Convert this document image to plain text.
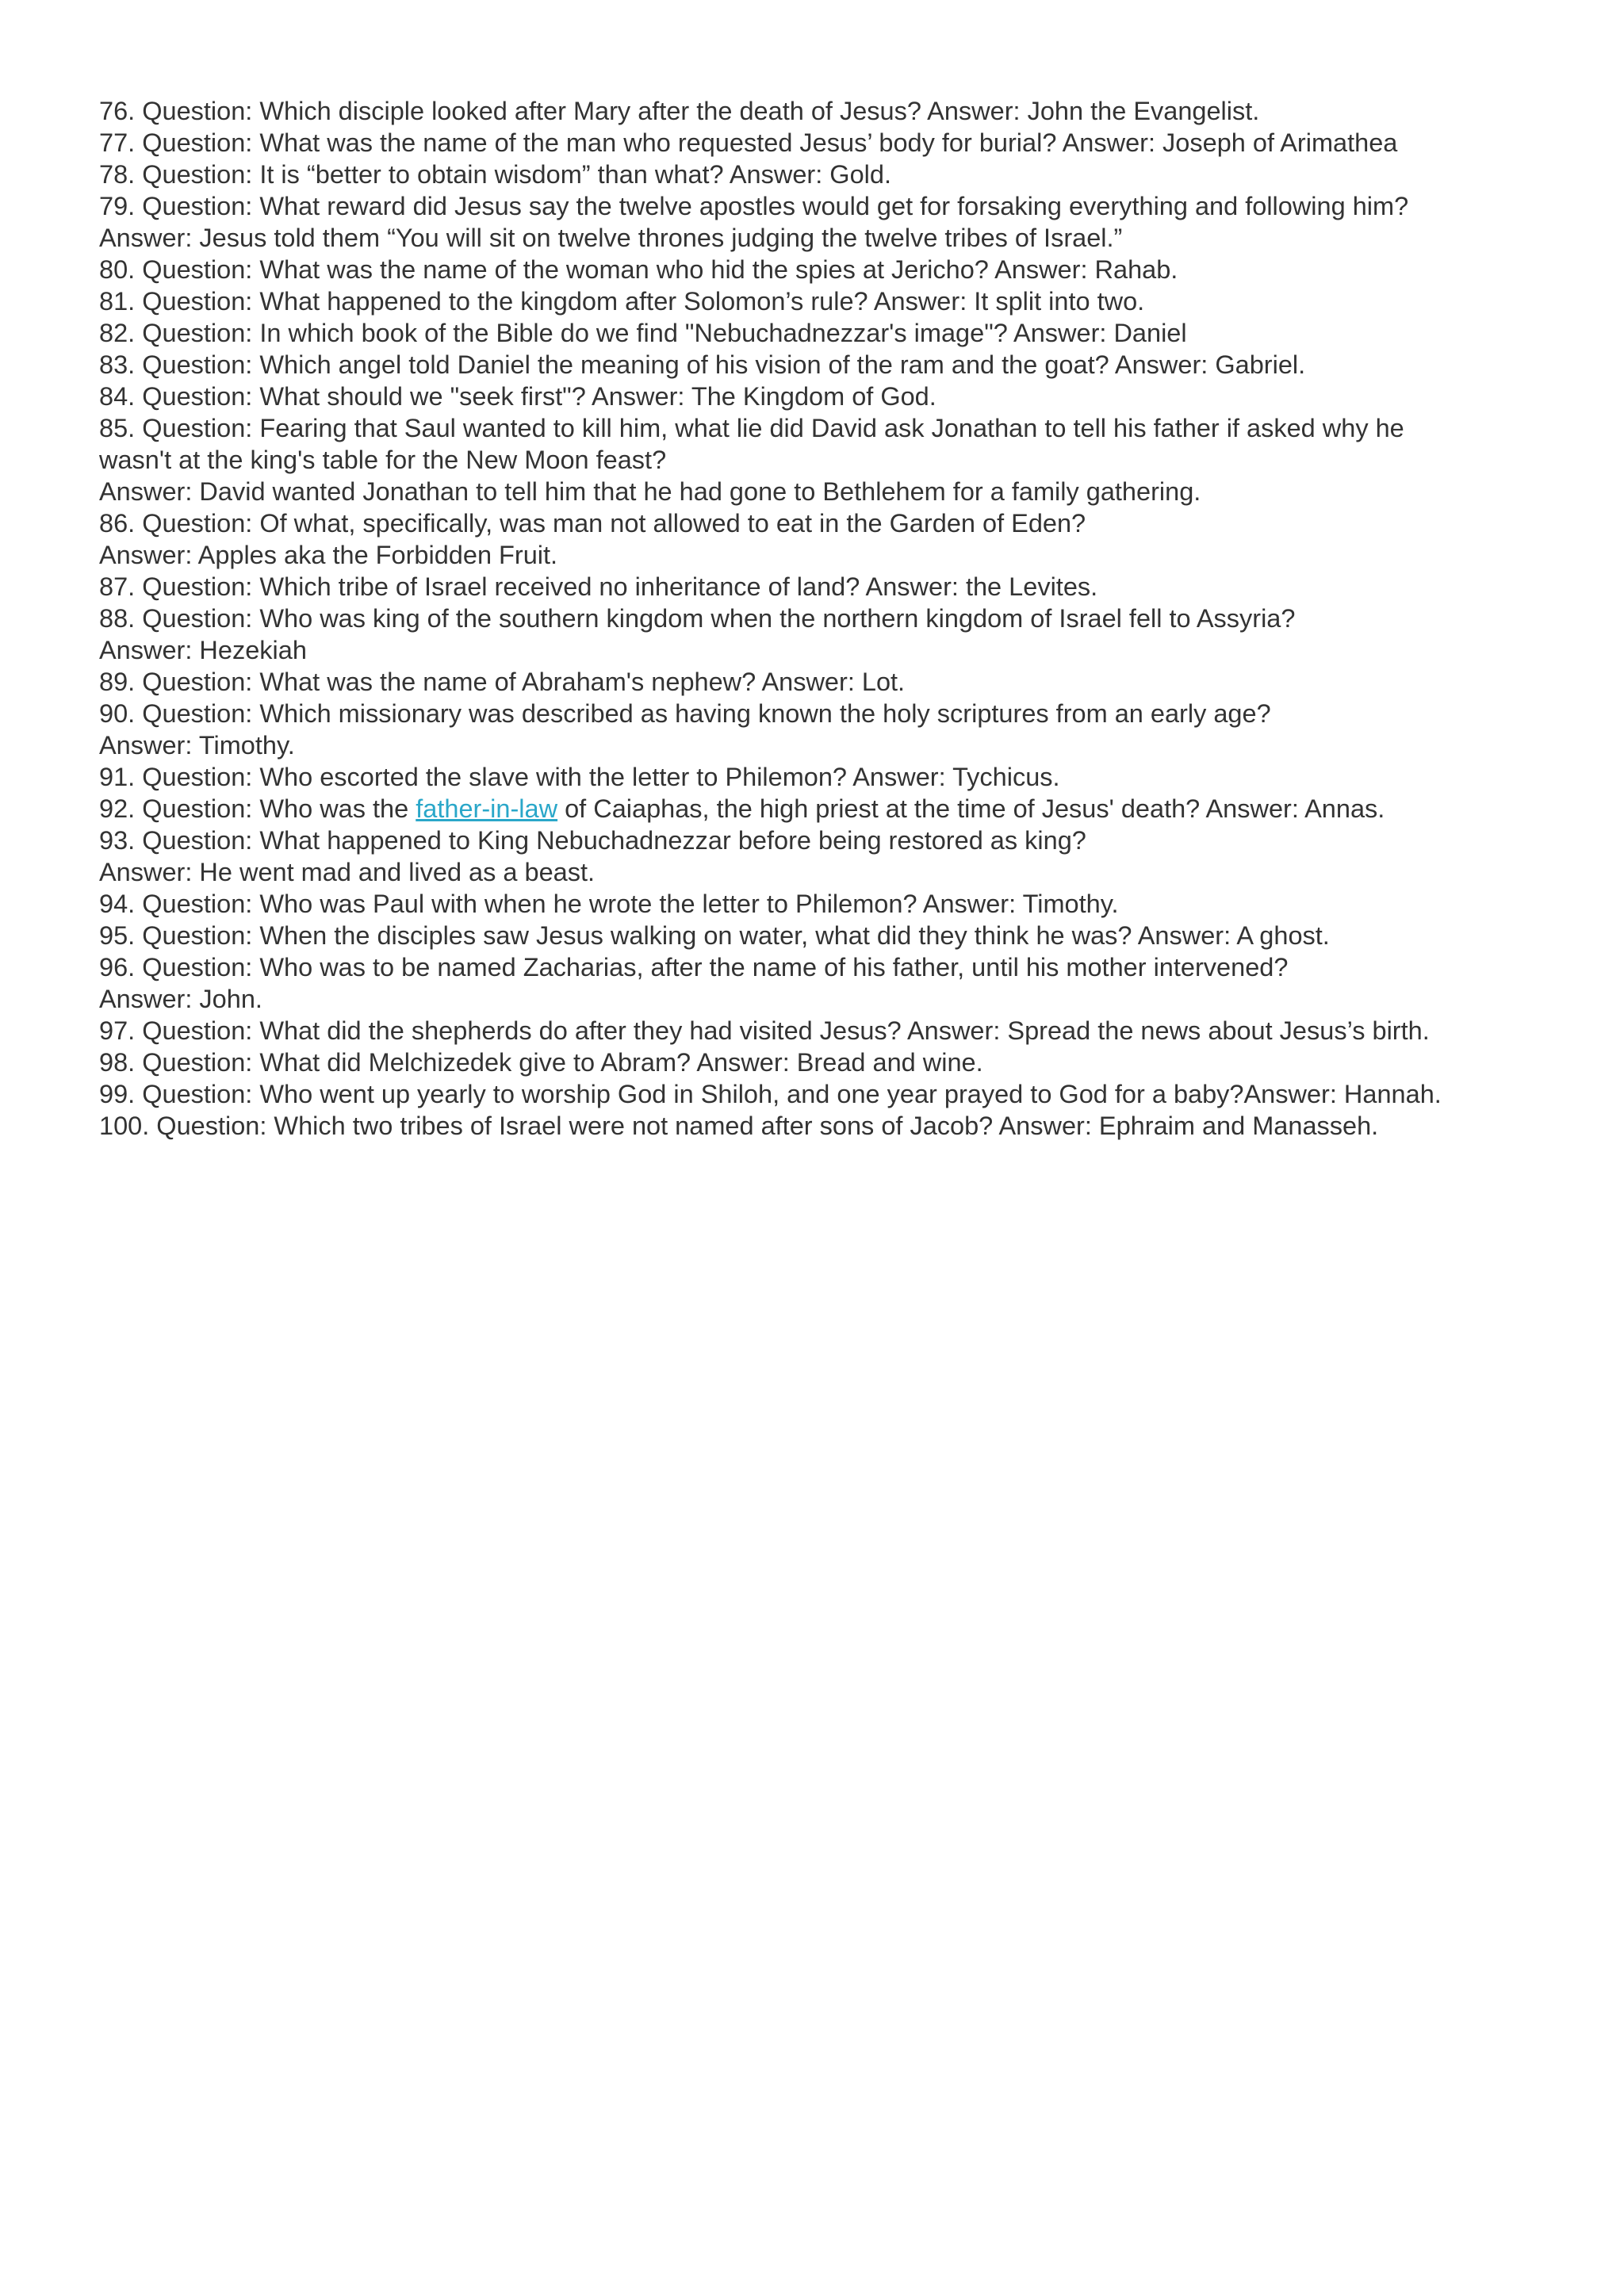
76. Question: Which disciple looked after Mary after the death of Jesus? Answer: John the Evangelist.
77. Question: What was the name of the man who requested Jesus’ body for burial? Answer: Joseph of Arimathea
78. Question: It is “better to obtain wisdom” than what? Answer: Gold.
79. Question: What reward did Jesus say the twelve apostles would get for forsaking everything and following him?
Answer: Jesus told them “You will sit on twelve thrones judging the twelve tribes of Israel.”
80. Question: What was the name of the woman who hid the spies at Jericho? Answer: Rahab.
81. Question: What happened to the kingdom after Solomon’s rule? Answer: It split into two.
82. Question: In which book of the Bible do we find "Nebuchadnezzar's image"? Answer: Daniel
83. Question: Which angel told Daniel the meaning of his vision of the ram and the goat? Answer: Gabriel.
84. Question: What should we "seek first"? Answer: The Kingdom of God.
85. Question: Fearing that Saul wanted to kill him, what lie did David ask Jonathan to tell his father if asked why he
wasn't at the king's table for the New Moon feast?
Answer: David wanted Jonathan to tell him that he had gone to Bethlehem for a family gathering.
86. Question: Of what, specifically, was man not allowed to eat in the Garden of Eden?
Answer: Apples aka the Forbidden Fruit.
87. Question: Which tribe of Israel received no inheritance of land? Answer: the Levites.
88. Question: Who was king of the southern kingdom when the northern kingdom of Israel fell to Assyria?
Answer: Hezekiah
89. Question: What was the name of Abraham's nephew? Answer: Lot.
90. Question: Which missionary was described as having known the holy scriptures from an early age?
Answer: Timothy.
91. Question: Who escorted the slave with the letter to Philemon? Answer: Tychicus.
92. Question: Who was the father-in-law of Caiaphas, the high priest at the time of Jesus' death? Answer: Annas.
93. Question: What happened to King Nebuchadnezzar before being restored as king?
Answer: He went mad and lived as a beast.
94. Question: Who was Paul with when he wrote the letter to Philemon? Answer: Timothy.
95. Question: When the disciples saw Jesus walking on water, what did they think he was? Answer: A ghost.
96. Question: Who was to be named Zacharias, after the name of his father, until his mother intervened?
Answer: John.
97. Question: What did the shepherds do after they had visited Jesus? Answer: Spread the news about Jesus’s birth.
98. Question: What did Melchizedek give to Abram? Answer: Bread and wine.
99. Question: Who went up yearly to worship God in Shiloh, and one year prayed to God for a baby?Answer: Hannah.
100. Question: Which two tribes of Israel were not named after sons of Jacob? Answer: Ephraim and Manasseh.
